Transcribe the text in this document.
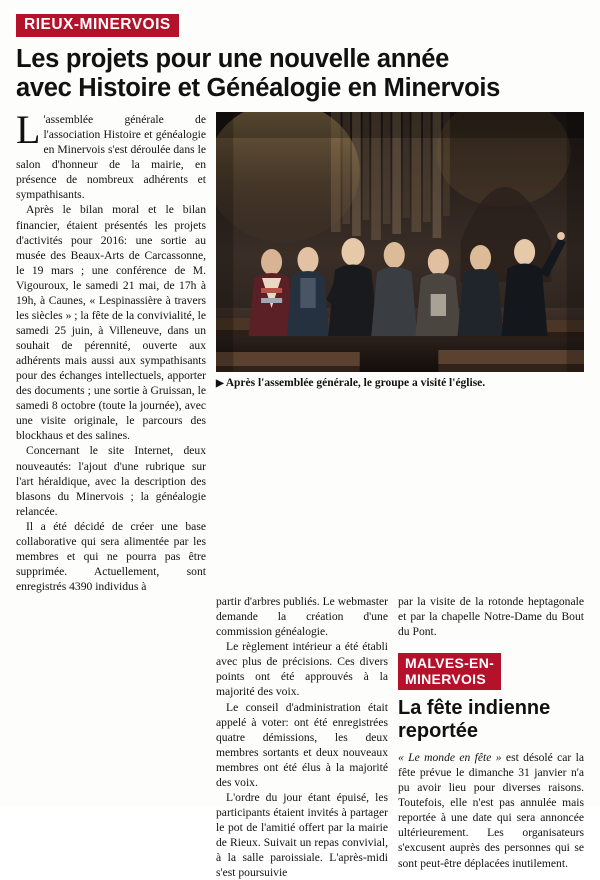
RIEUX-MINERVOIS
Les projets pour une nouvelle année
avec Histoire et Généalogie en Minervois

L 'assemblée générale de l'association Histoire et généalogie en Minervois s'est déroulée dans le salon d'honneur de la mairie, en présence de nombreux adhérents et sympathisants.

Après le bilan moral et le bilan financier, étaient présentés les projets d'activités pour 2016: une sortie au musée des Beaux-Arts de Carcassonne, le 19 mars ; une conférence de M. Vigouroux, le samedi 21 mai, de 17h à 19h, à Caunes, « Lespinassière à travers les siècles » ; la fête de la convivialité, le samedi 25 juin, à Villeneuve, dans un souhait de pérennité, ouverte aux adhérents mais aussi aux sympathisants pour des échanges intellectuels, apporter des documents ; une sortie à Gruissan, le samedi 8 octobre (toute la journée), avec une visite originale, le parcours des blockhaus et des salines.

Concernant le site Internet, deux nouveautés: l'ajout d'une rubrique sur l'art héraldique, avec la description des blasons du Minervois ; la généalogie relancée.

Il a été décidé de créer une base collaborative qui sera alimentée par les membres et qui ne pourra pas être supprimée. Actuellement, sont enregistrés 4390 individus à

▶ Après l'assemblée générale, le groupe a visité l'église.

partir d'arbres publiés. Le webmaster demande la création d'une commission généalogie.

Le règlement intérieur a été établi avec plus de précisions. Ces divers points ont été approuvés à la majorité des voix.

Le conseil d'administration était appelé à voter: ont été enregistrées quatre démissions, les deux membres sortants et deux nouveaux membres ont été élus à la majorité des voix.

L'ordre du jour étant épuisé, les participants étaient invités à partager le pot de l'amitié offert par la mairie de Rieux. Suivait un repas convivial, à la salle paroissiale. L'après-midi s'est poursuivie

par la visite de la rotonde heptagonale et par la chapelle Notre-Dame du Bout du Pont.

MALVES-EN-
MINERVOIS
La fête indienne
reportée

« Le monde en fête » est désolé car la fête prévue le dimanche 31 janvier n'a pu avoir lieu pour diverses raisons. Toutefois, elle n'est pas annulée mais reportée à une date qui sera annoncée ultérieurement. Les organisateurs s'excusent auprès des personnes qui se sont peut-être déplacées inutilement.
